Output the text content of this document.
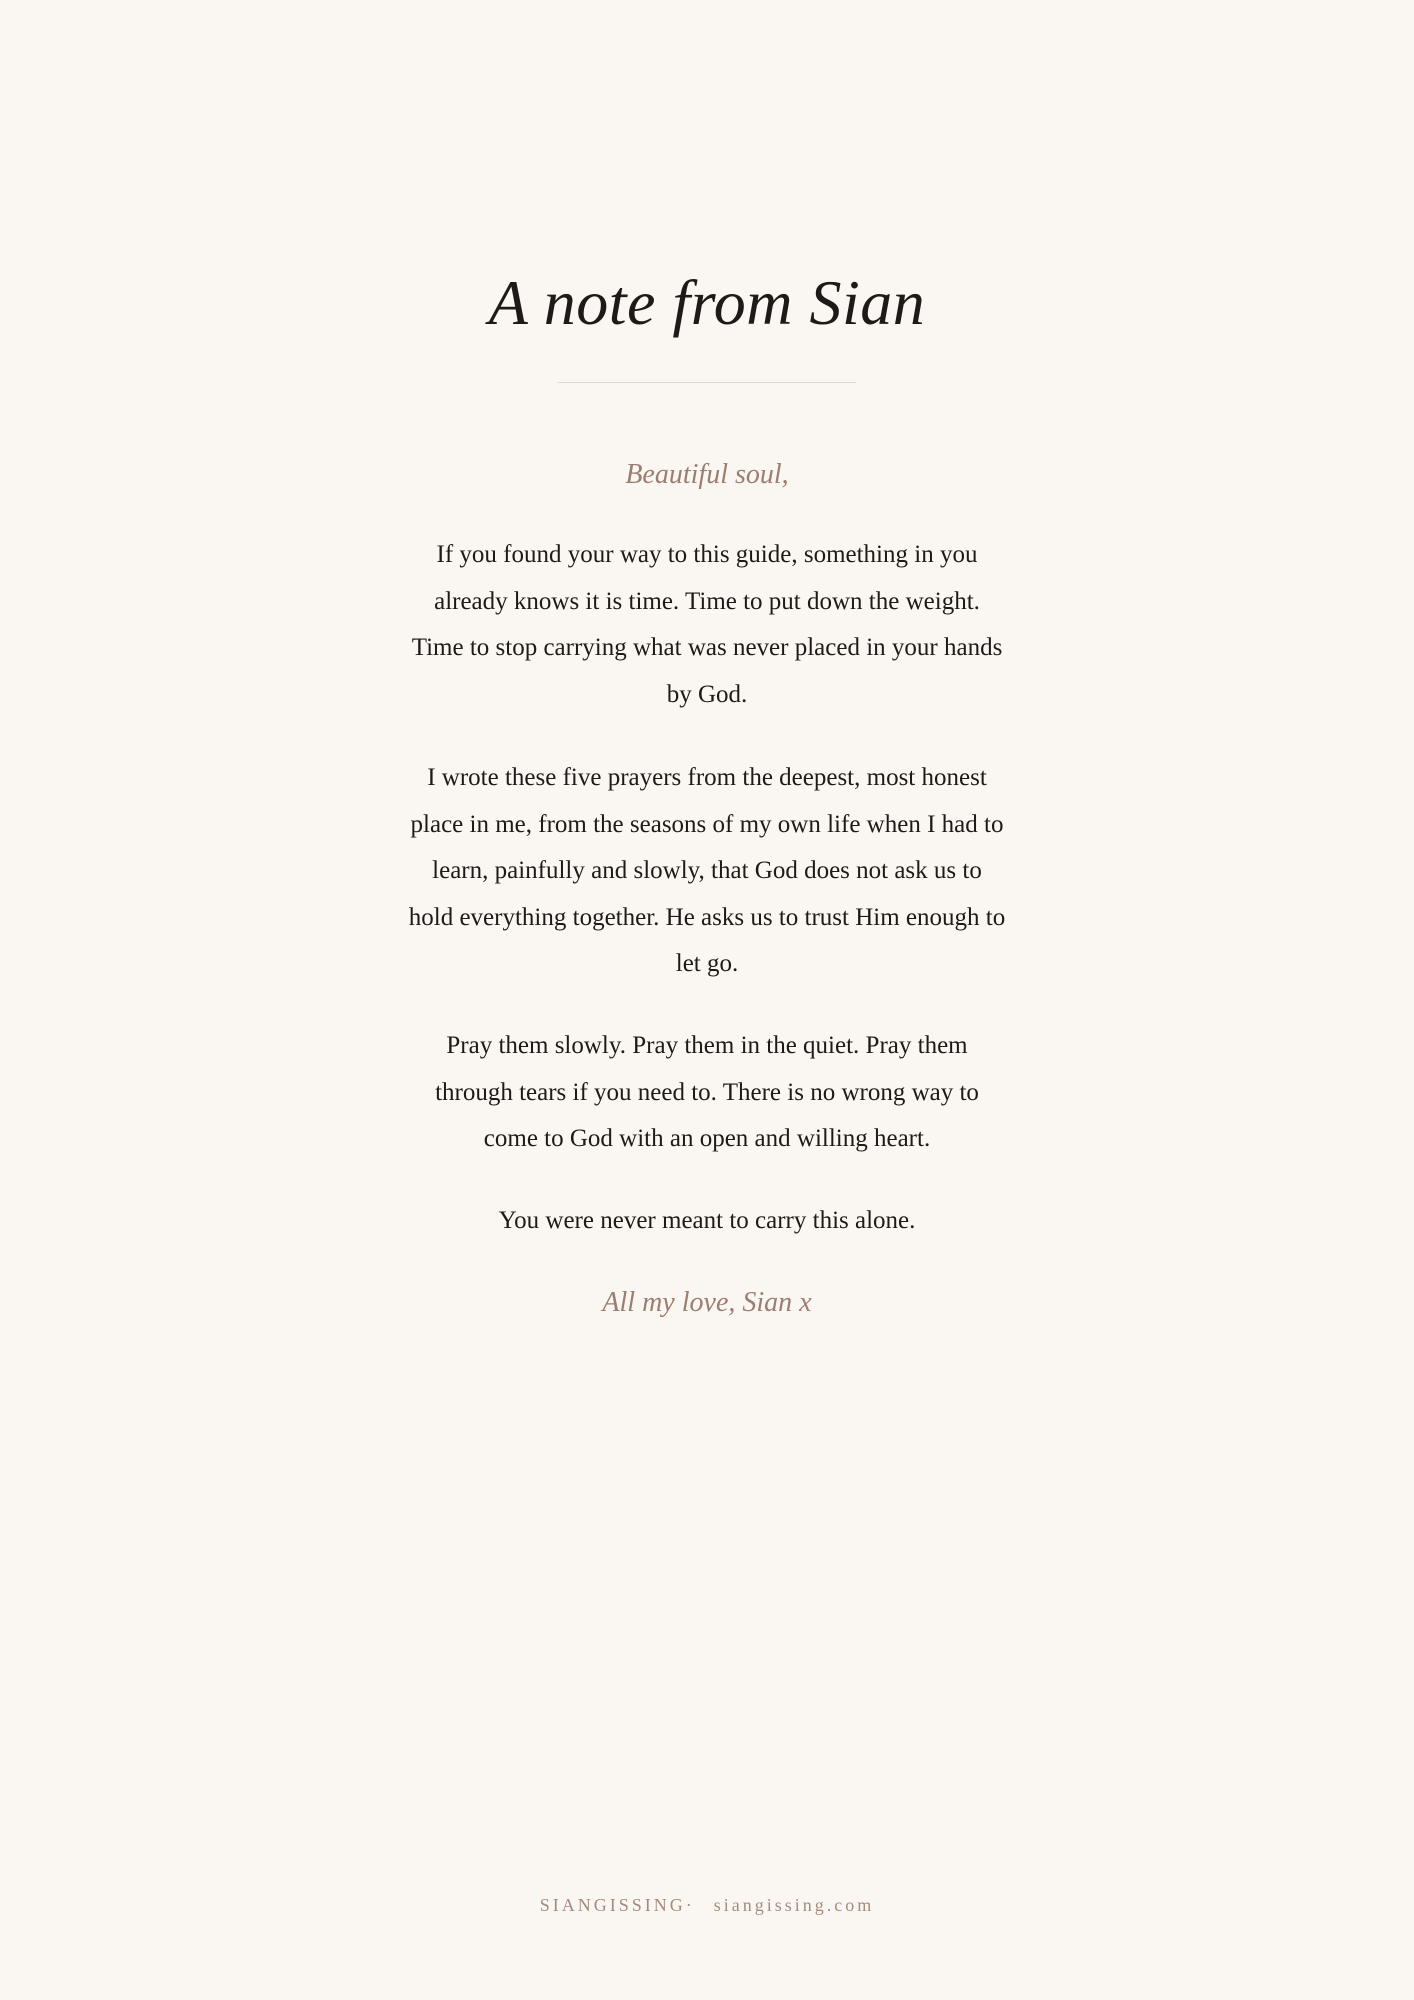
A note from Sian
Beautiful soul,

If you found your way to this guide, something in you already knows it is time. Time to put down the weight. Time to stop carrying what was never placed in your hands by God.

I wrote these five prayers from the deepest, most honest place in me, from the seasons of my own life when I had to learn, painfully and slowly, that God does not ask us to hold everything together. He asks us to trust Him enough to let go.

Pray them slowly. Pray them in the quiet. Pray them through tears if you need to. There is no wrong way to come to God with an open and willing heart.

You were never meant to carry this alone.

All my love, Sian x
SIANGISSING· siangissing.com
